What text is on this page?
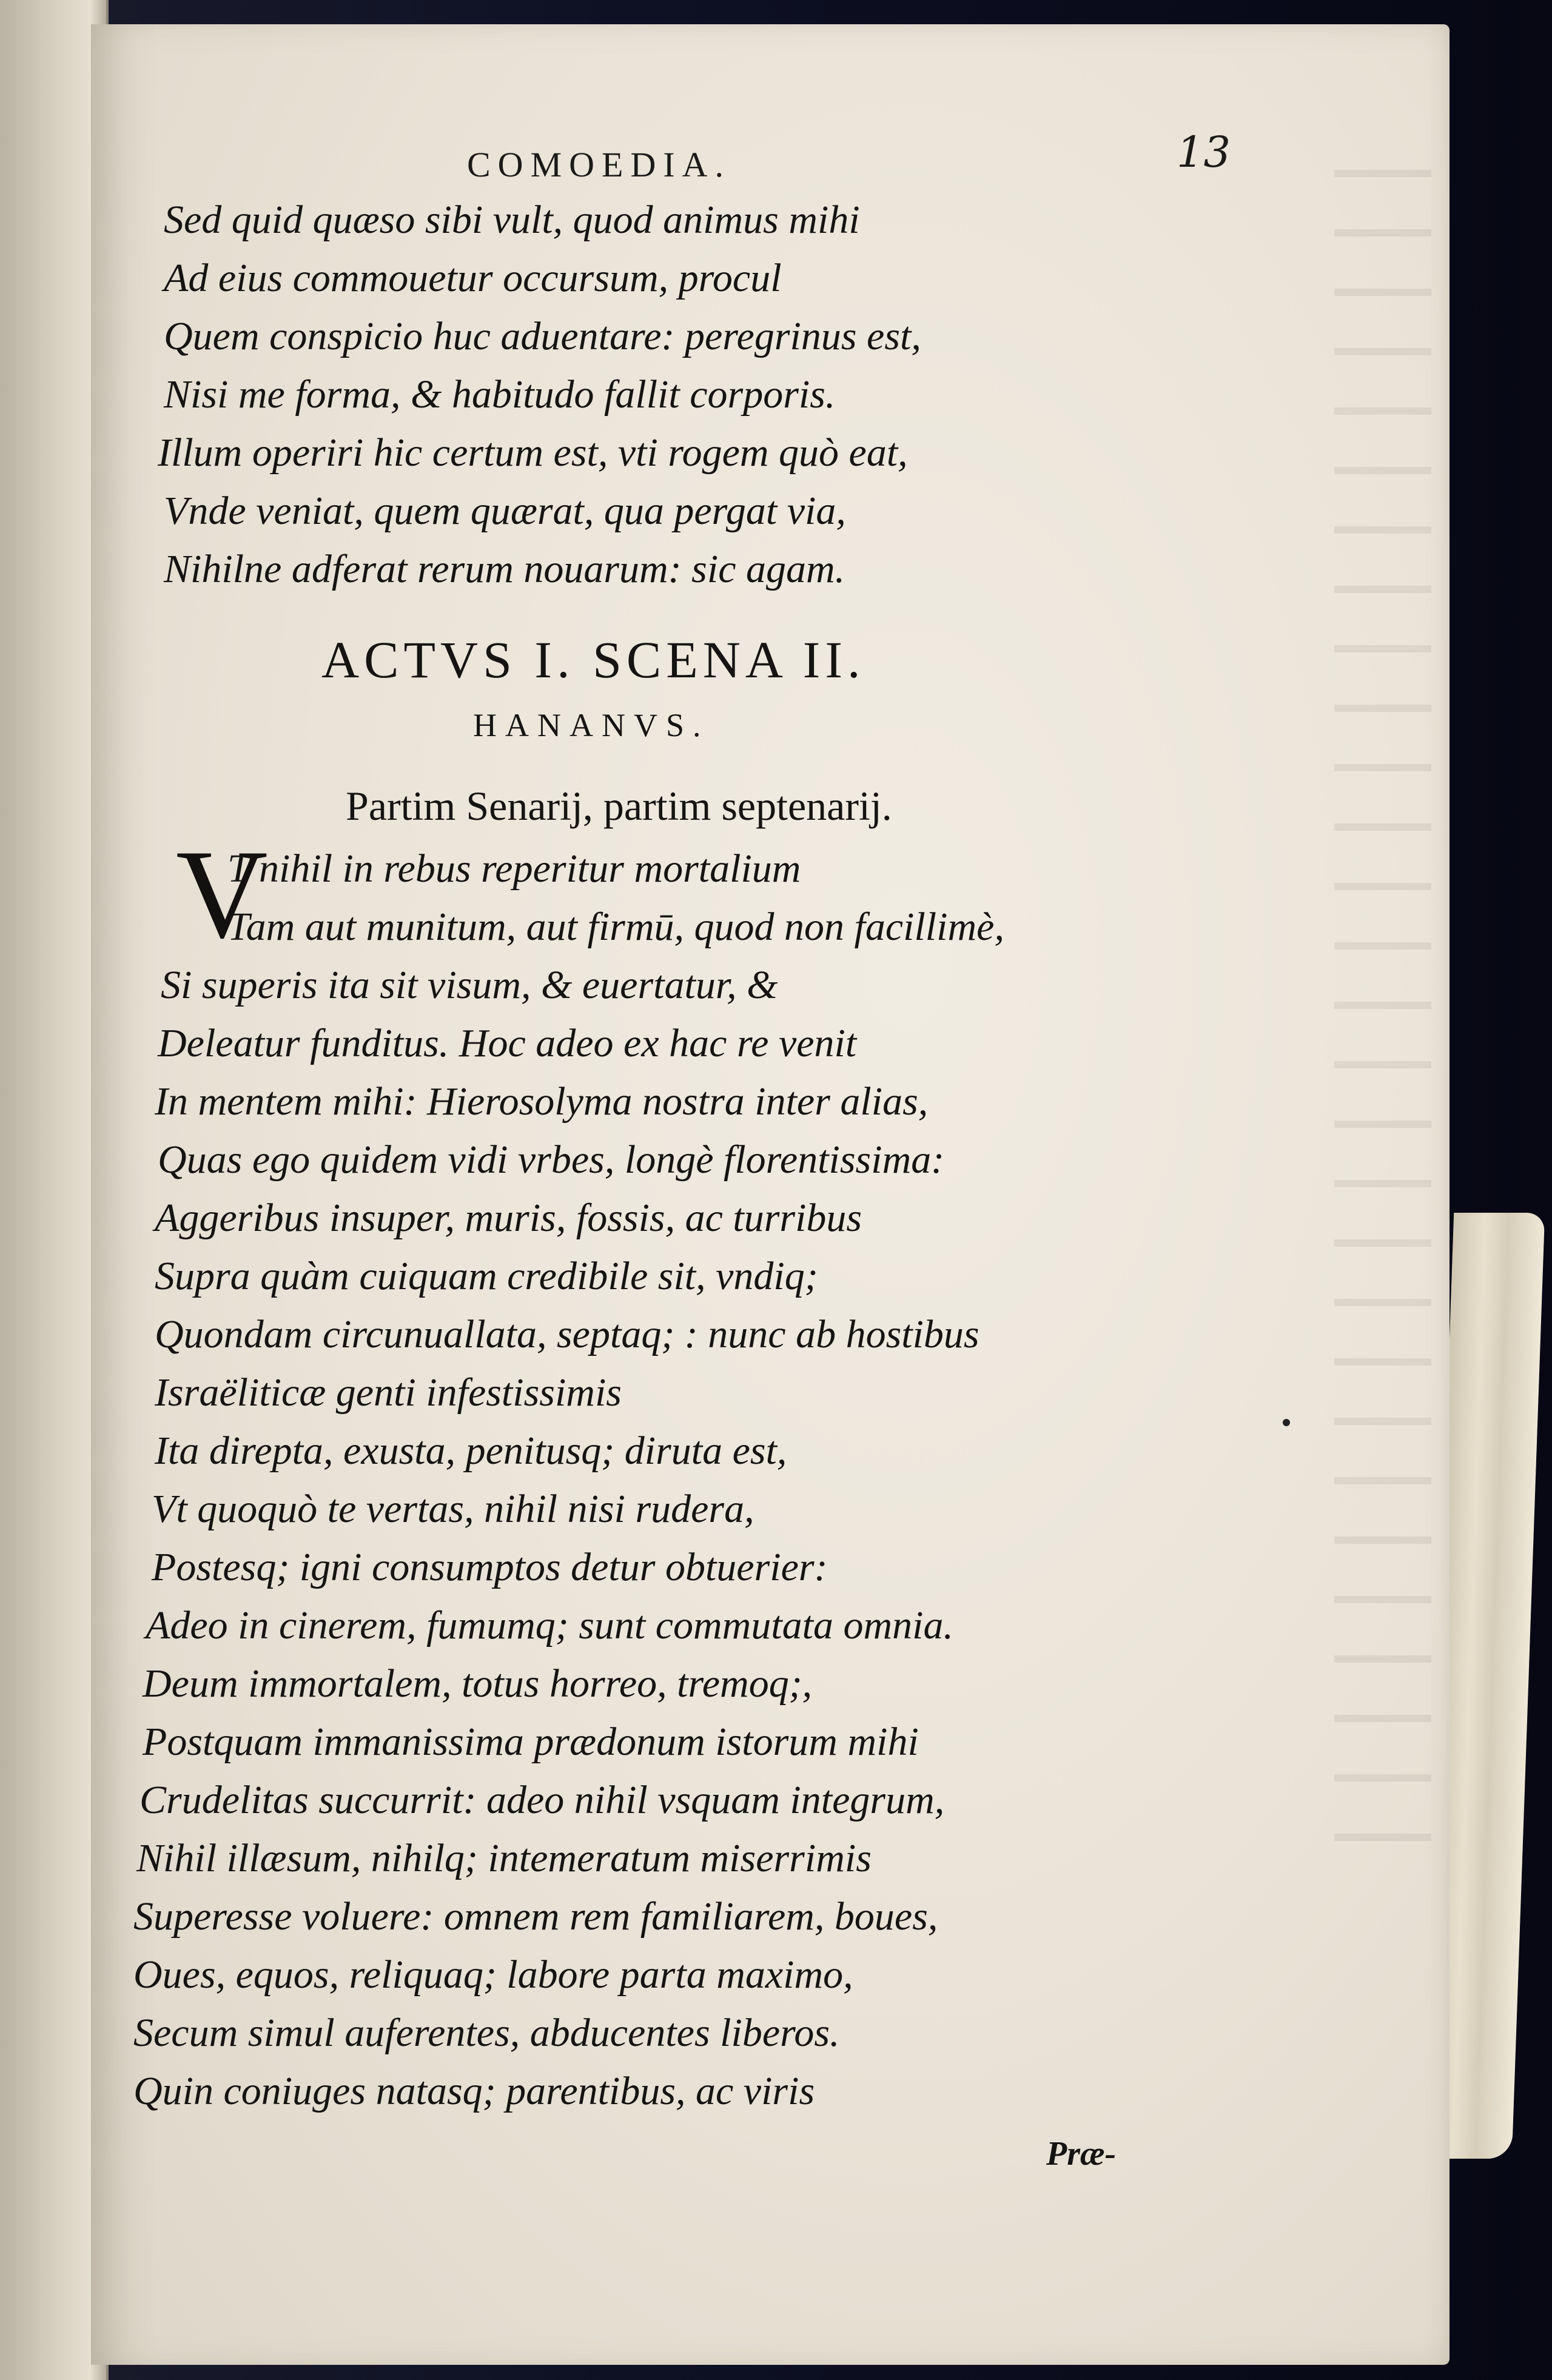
13
COMOEDIA.
Sed quid quæso sibi vult, quod animus mihi
Ad eius commouetur occursum, procul
Quem conspicio huc aduentare: peregrinus est,
Nisi me forma, & habitudo fallit corporis.
Illum operiri hic certum est, vti rogem quò eat,
Vnde veniat, quem quærat, qua pergat via,
Nihilne adferat rerum nouarum: sic agam.
ACTVS I. SCENA II.
HANANVS.
Partim Senarij, partim septenarij.
V
T nihil in rebus reperitur mortalium
Tam aut munitum, aut firmū, quod non facillimè,
Si superis ita sit visum, & euertatur, &
Deleatur funditus. Hoc adeo ex hac re venit
In mentem mihi: Hierosolyma nostra inter alias,
Quas ego quidem vidi vrbes, longè florentissima:
Aggeribus insuper, muris, fossis, ac turribus
Supra quàm cuiquam credibile sit, vndiq;
Quondam circunuallata, septaq; : nunc ab hostibus
Israëliticæ genti infestissimis
Ita direpta, exusta, penitusq; diruta est,
Vt quoquò te vertas, nihil nisi rudera,
Postesq; igni consumptos detur obtuerier:
Adeo in cinerem, fumumq; sunt commutata omnia.
Deum immortalem, totus horreo, tremoq;,
Postquam immanissima prædonum istorum mihi
Crudelitas succurrit: adeo nihil vsquam integrum,
Nihil illæsum, nihilq; intemeratum miserrimis
Superesse voluere: omnem rem familiarem, boues,
Oues, equos, reliquaq; labore parta maximo,
Secum simul auferentes, abducentes liberos.
Quin coniuges natasq; parentibus, ac viris
Præ-
